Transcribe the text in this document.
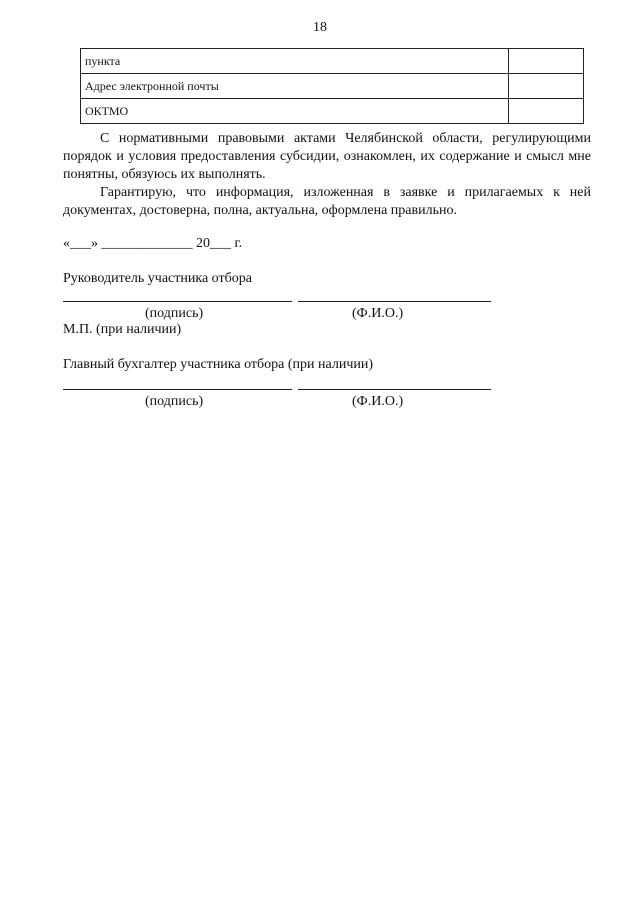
18
пункта	
Адрес электронной почты	
ОКТМО	

С нормативными правовыми актами Челябинской области, регулирующими порядок и условия предоставления субсидии, ознакомлен, их содержание и смысл мне понятны, обязуюсь их выполнять.

Гарантирую, что информация, изложенная в заявке и прилагаемых к ней документах, достоверна, полна, актуальна, оформлена правильно.

«___» _____________ 20___ г.
Руководитель участника отбора
(подпись)	(Ф.И.О.)
М.П. (при наличии)
Главный бухгалтер участника отбора (при наличии)
(подпись)	(Ф.И.О.)
